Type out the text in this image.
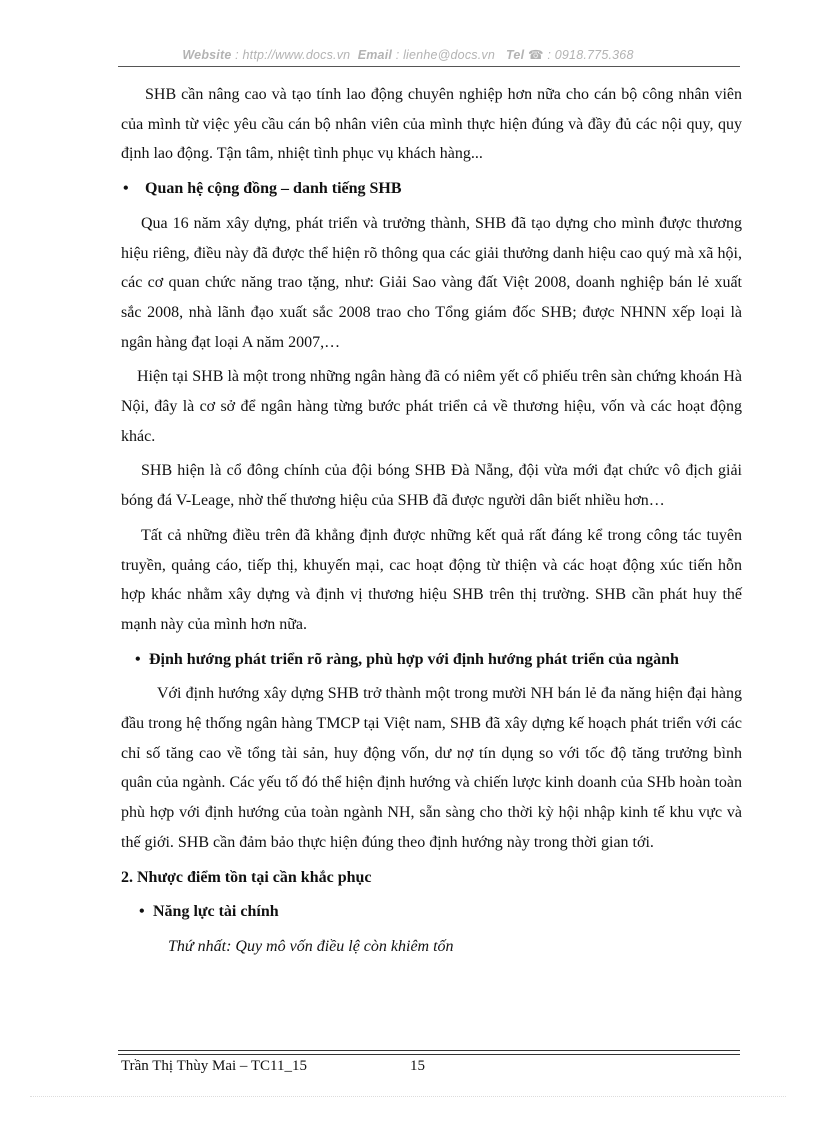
Website : http://www.docs.vn Email : lienhe@docs.vn Tel ☎ : 0918.775.368

SHB cần nâng cao và tạo tính lao động chuyên nghiệp hơn nữa cho cán bộ công nhân viên của mình từ việc yêu cầu cán bộ nhân viên của mình thực hiện đúng và đầy đủ các nội quy, quy định lao động. Tận tâm, nhiệt tình phục vụ khách hàng...

•	Quan hệ cộng đồng – danh tiếng SHB

Qua 16 năm xây dựng, phát triển và trưởng thành, SHB đã tạo dựng cho mình được thương hiệu riêng, điều này đã được thể hiện rõ thông qua các giải thưởng danh hiệu cao quý mà xã hội, các cơ quan chức năng trao tặng, như: Giải Sao vàng đất Việt 2008, doanh nghiệp bán lẻ xuất sắc 2008, nhà lãnh đạo xuất sắc 2008 trao cho Tổng giám đốc SHB; được NHNN xếp loại là ngân hàng đạt loại A năm 2007,…

Hiện tại SHB là một trong những ngân hàng đã có niêm yết cổ phiếu trên sàn chứng khoán Hà Nội, đây là cơ sở để ngân hàng từng bước phát triển cả về thương hiệu, vốn và các hoạt động khác.

SHB hiện là cổ đông chính của đội bóng SHB Đà Nẵng, đội vừa mới đạt chức vô địch giải bóng đá V-Leage, nhờ thế thương hiệu của SHB đã được người dân biết nhiều hơn…

Tất cả những điều trên đã khẳng định được những kết quả rất đáng kể trong công tác tuyên truyền, quảng cáo, tiếp thị, khuyến mại, cac hoạt động từ thiện và các hoạt động xúc tiến hỗn hợp khác nhằm xây dựng và định vị thương hiệu SHB trên thị trường. SHB cần phát huy thế mạnh này của mình hơn nữa.

• Định hướng phát triển rõ ràng, phù hợp với định hướng phát triển của ngành

Với định hướng xây dựng SHB trở thành một trong mười NH bán lẻ đa năng hiện đại hàng đầu trong hệ thống ngân hàng TMCP tại Việt nam, SHB đã xây dựng kế hoạch phát triển với các chỉ số tăng cao về tổng tài sản, huy động vốn, dư nợ tín dụng so với tốc độ tăng trưởng bình quân của ngành. Các yếu tố đó thể hiện định hướng và chiến lược kinh doanh của SHb hoàn toàn phù hợp với định hướng của toàn ngành NH, sẵn sàng cho thời kỳ hội nhập kinh tế khu vực và thế giới. SHB cần đảm bảo thực hiện đúng theo định hướng này trong thời gian tới.

2. Nhược điểm tồn tại cần khắc phục

• Năng lực tài chính

Thứ nhất: Quy mô vốn điều lệ còn khiêm tốn

Trần Thị Thùy Mai – TC11_15	15
